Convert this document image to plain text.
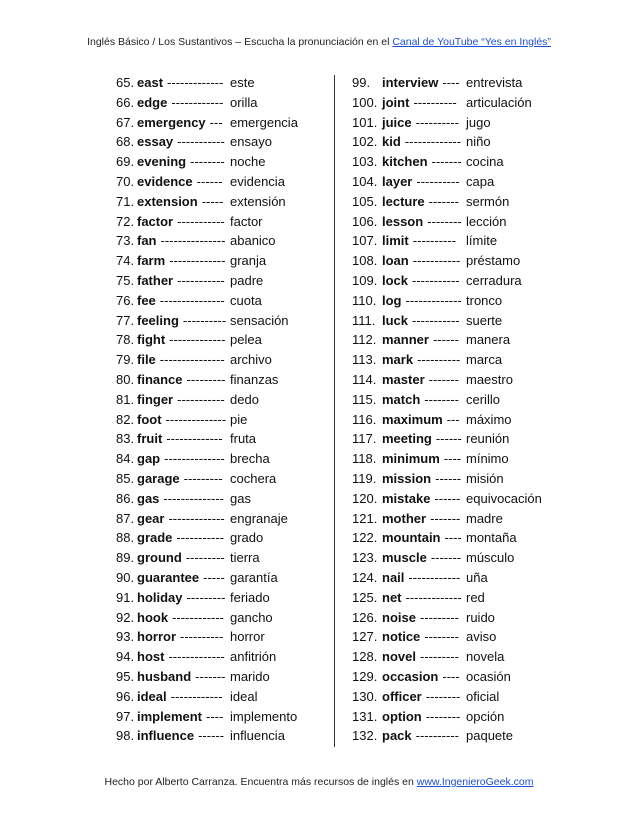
Inglés Básico / Los Sustantivos – Escucha la pronunciación en el Canal de YouTube “Yes en Inglés”
65. east ------------- este
66. edge ------------ orilla
67. emergency --- emergencia
68. essay ----------- ensayo
69. evening -------- noche
70. evidence ------ evidencia
71. extension ----- extensión
72. factor ----------- factor
73. fan --------------- abanico
74. farm ------------- granja
75. father ----------- padre
76. fee --------------- cuota
77. feeling ---------- sensación
78. fight ------------- pelea
79. file --------------- archivo
80. finance --------- finanzas
81. finger ----------- dedo
82. foot -------------- pie
83. fruit ------------- fruta
84. gap -------------- brecha
85. garage --------- cochera
86. gas -------------- gas
87. gear ------------- engranaje
88. grade ----------- grado
89. ground --------- tierra
90. guarantee ----- garantía
91. holiday --------- feriado
92. hook ------------ gancho
93. horror ---------- horror
94. host ------------- anfitrión
95. husband ------- marido
96. ideal ------------ ideal
97. implement ---- implemento
98. influence ------ influencia
99. interview ---- entrevista
100. joint ---------- articulación
101. juice ---------- jugo
102. kid ------------- niño
103. kitchen ------- cocina
104. layer ---------- capa
105. lecture ------- sermón
106. lesson -------- lección
107. limit ---------- límite
108. loan ----------- préstamo
109. lock ----------- cerradura
110. log ------------- tronco
111. luck ----------- suerte
112. manner ------ manera
113. mark ---------- marca
114. master ------- maestro
115. match -------- cerillo
116. maximum --- máximo
117. meeting ------ reunión
118. minimum ---- mínimo
119. mission ------ misión
120. mistake ------ equivocación
121. mother ------- madre
122. mountain ---- montaña
123. muscle ------- músculo
124. nail ------------ uña
125. net ------------- red
126. noise --------- ruido
127. notice -------- aviso
128. novel --------- novela
129. occasion ---- ocasión
130. officer -------- oficial
131. option -------- opción
132. pack ---------- paquete
Hecho por Alberto Carranza. Encuentra más recursos de inglés en www.IngenieroGeek.com
